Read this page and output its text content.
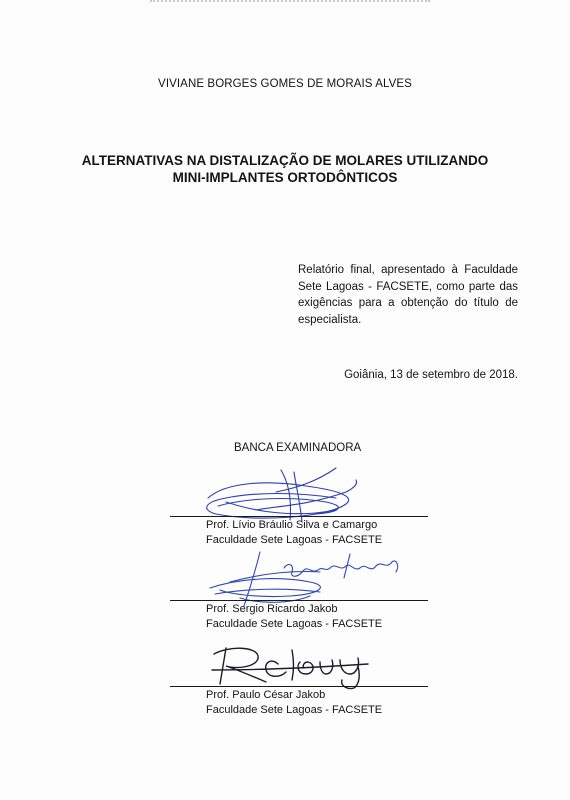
VIVIANE BORGES GOMES DE MORAIS ALVES
ALTERNATIVAS NA DISTALIZAÇÃO DE MOLARES UTILIZANDO
MINI-IMPLANTES ORTODÔNTICOS
Relatório final, apresentado à Faculdade Sete Lagoas - FACSETE, como parte das exigências para a obtenção do título de especialista.
Goiânia, 13 de setembro de 2018.
BANCA EXAMINADORA
Prof. Lívio Bráulio Silva e Camargo
Faculdade Sete Lagoas - FACSETE
Prof. Sergio Ricardo Jakob
Faculdade Sete Lagoas - FACSETE
Prof. Paulo César Jakob
Faculdade Sete Lagoas - FACSETE
